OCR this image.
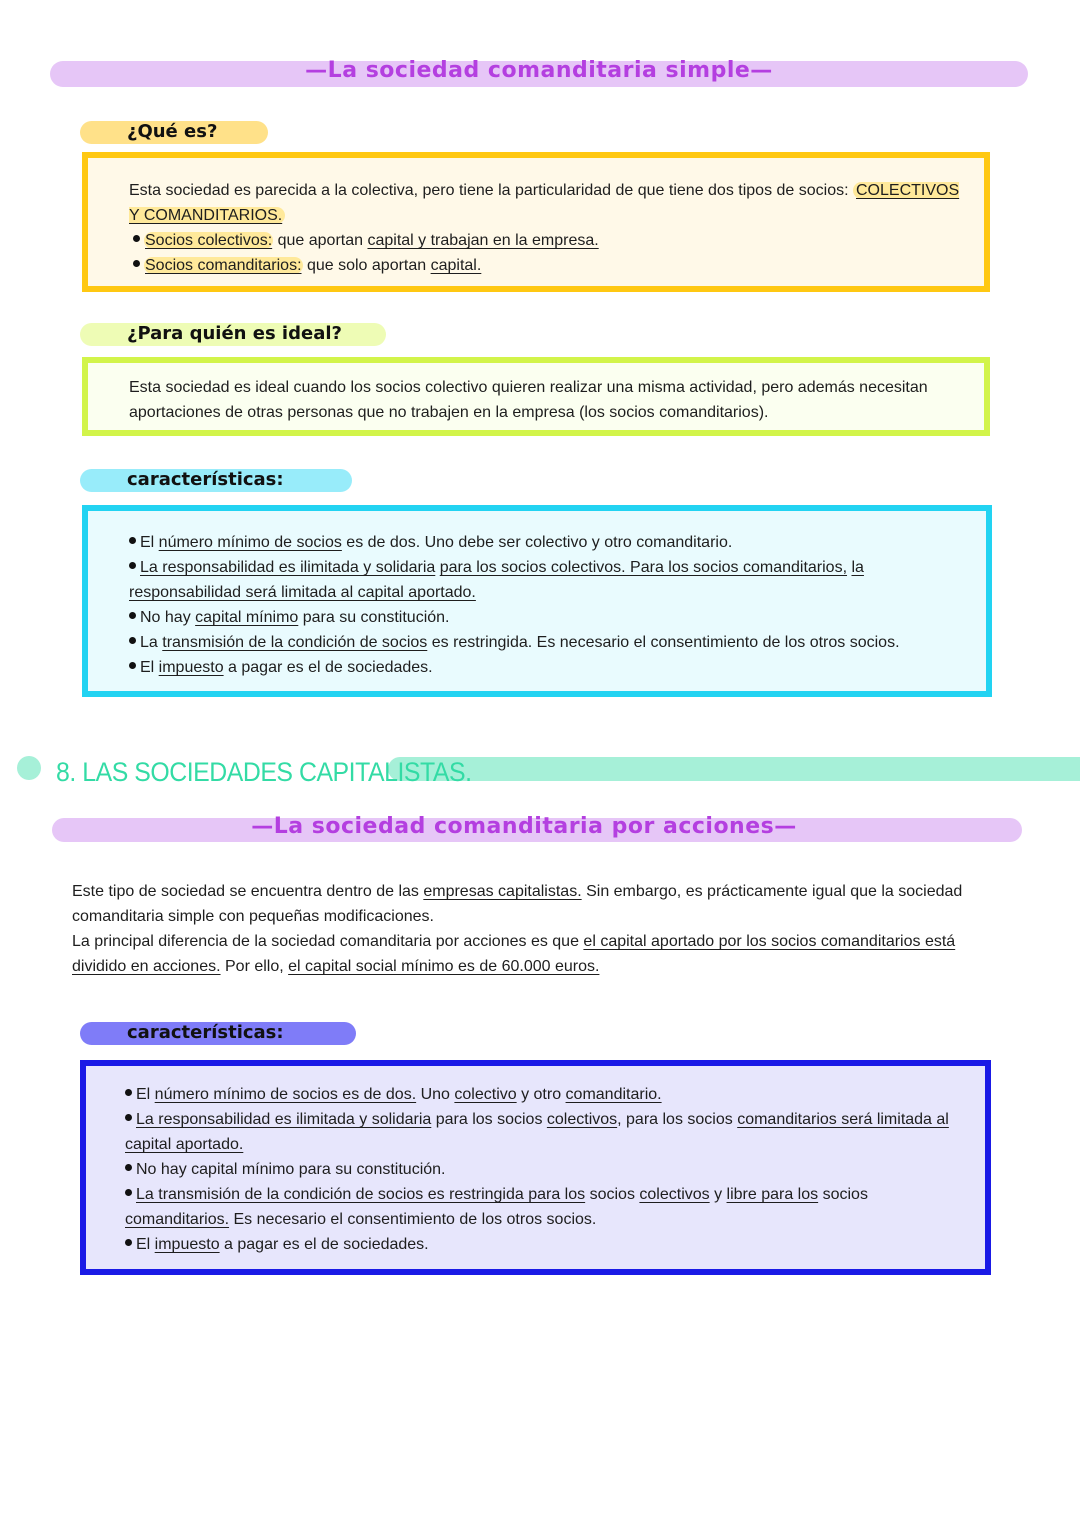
—La sociedad comanditaria simple—
¿Qué es?

Esta sociedad es parecida a la colectiva, pero tiene la particularidad de que tiene dos tipos de socios: COLECTIVOS Y COMANDITARIOS.

Socios colectivos: que aportan capital y trabajan en la empresa.

Socios comanditarios: que solo aportan capital.

¿Para quién es ideal?
Esta sociedad es ideal cuando los socios colectivo quieren realizar una misma actividad, pero además necesitan aportaciones de otras personas que no trabajen en la empresa (los socios comanditarios).
características:

El número mínimo de socios es de dos. Uno debe ser colectivo y otro comanditario.

La responsabilidad es ilimitada y solidaria para los socios colectivos. Para los socios comanditarios, la responsabilidad será limitada al capital aportado.

No hay capital mínimo para su constitución.

La transmisión de la condición de socios es restringida. Es necesario el consentimiento de los otros socios.

El impuesto a pagar es el de sociedades.

8. LAS SOCIEDADES CAPITALISTAS.
—La sociedad comanditaria por acciones—

Este tipo de sociedad se encuentra dentro de las empresas capitalistas. Sin embargo, es prácticamente igual que la sociedad comanditaria simple con pequeñas modificaciones.

La principal diferencia de la sociedad comanditaria por acciones es que el capital aportado por los socios comanditarios está dividido en acciones. Por ello, el capital social mínimo es de 60.000 euros.

características:

El número mínimo de socios es de dos. Uno colectivo y otro comanditario.

La responsabilidad es ilimitada y solidaria para los socios colectivos, para los socios comanditarios será limitada al capital aportado.

No hay capital mínimo para su constitución.

La transmisión de la condición de socios es restringida para los socios colectivos y libre para los socios comanditarios. Es necesario el consentimiento de los otros socios.

El impuesto a pagar es el de sociedades.
